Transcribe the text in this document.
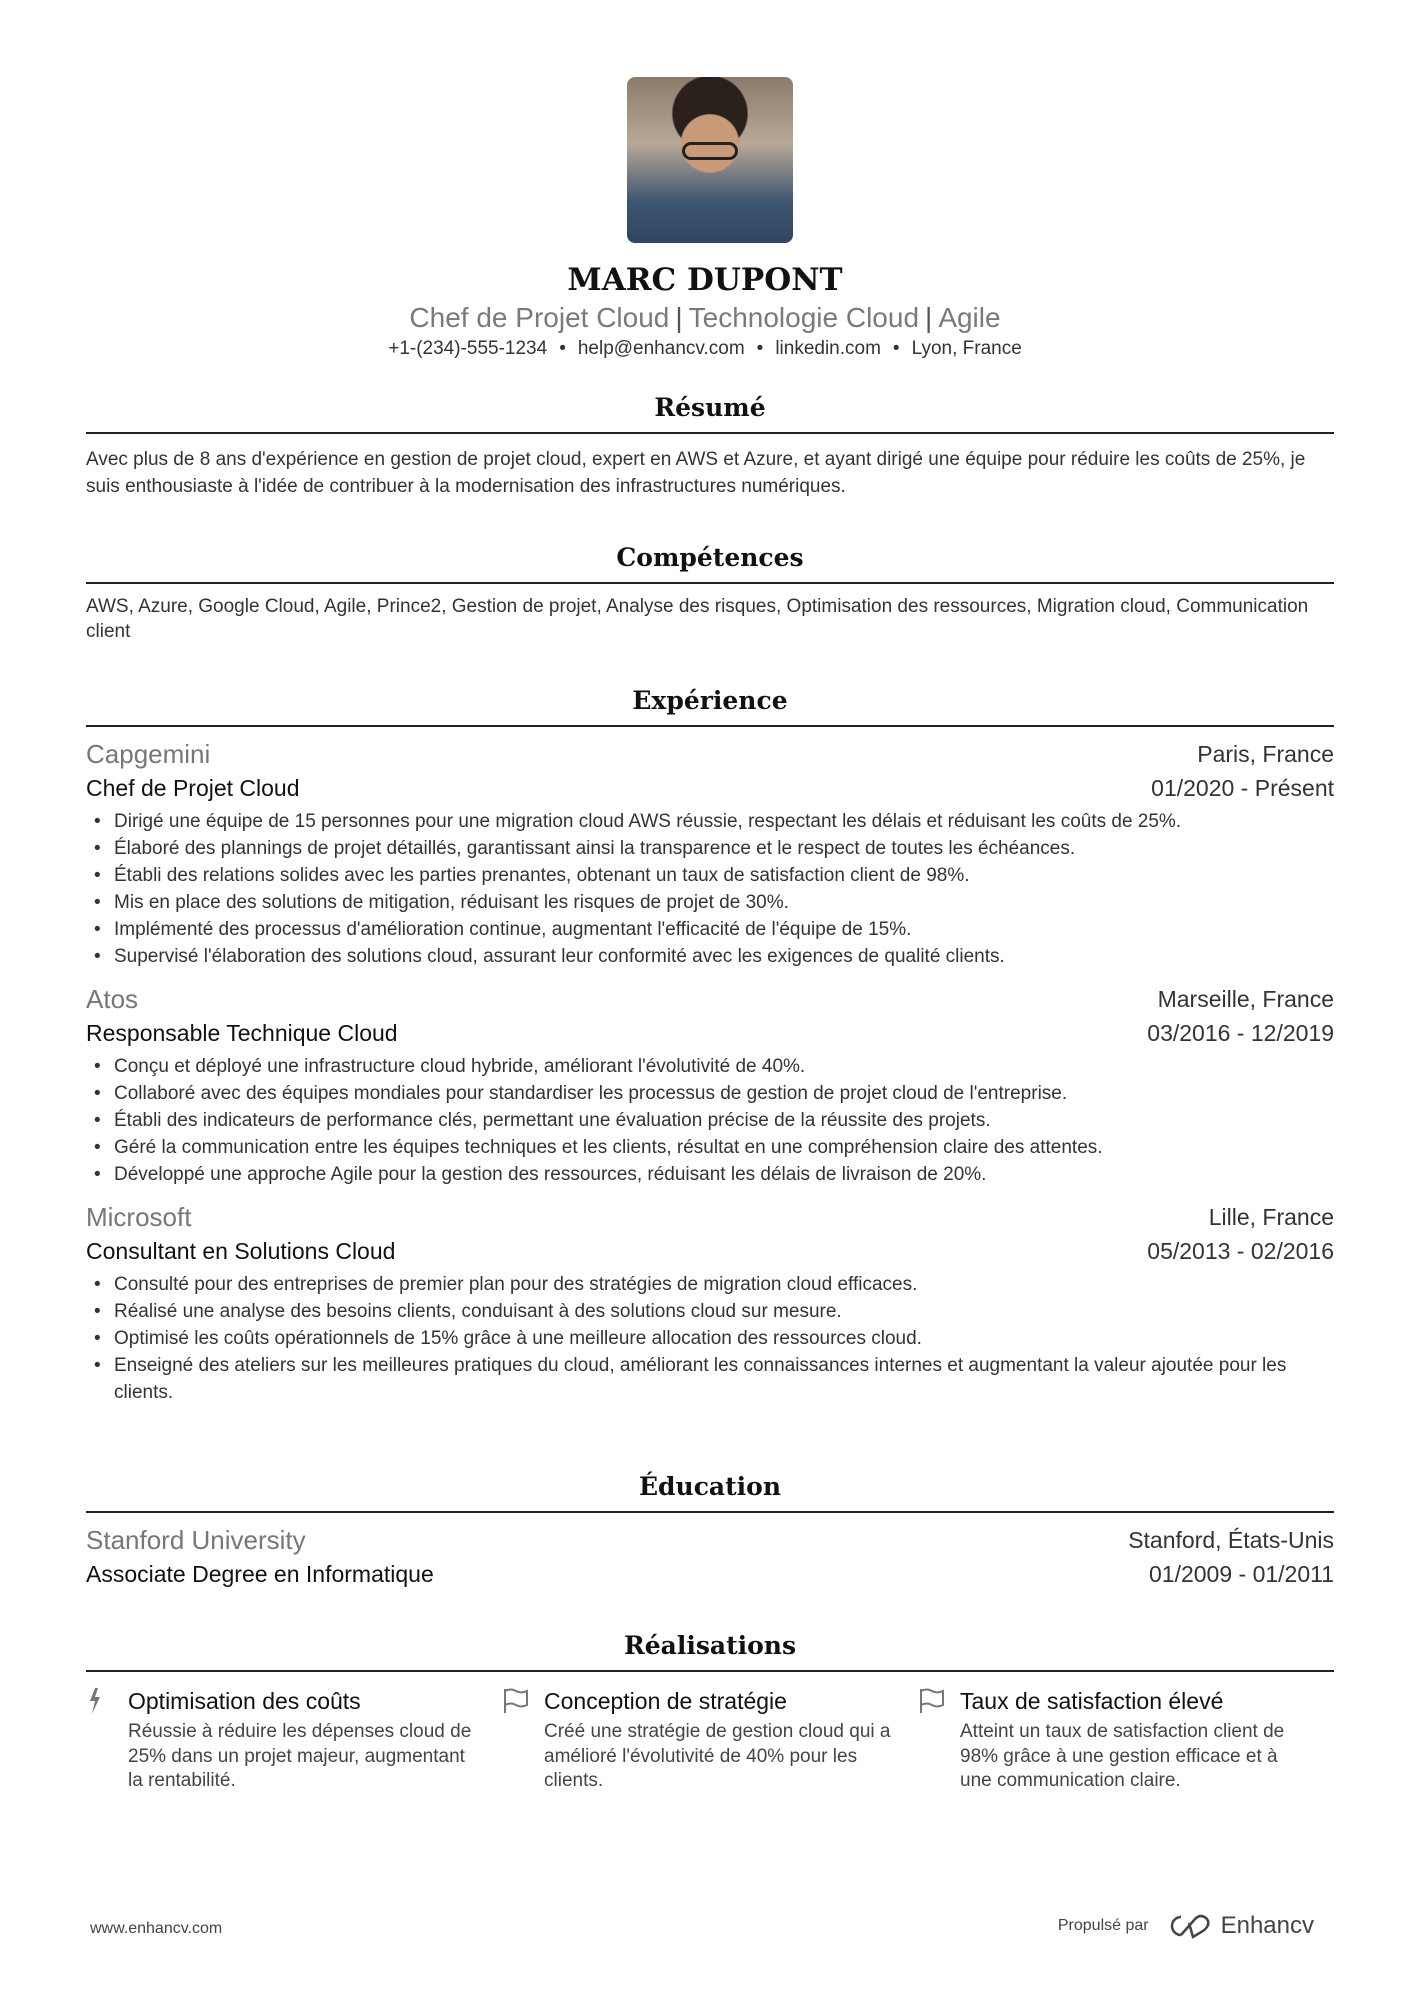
MARC DUPONT
Chef de Projet Cloud | Technologie Cloud | Agile
+1-(234)-555-1234 • help@enhancv.com • linkedin.com • Lyon, France
Résumé
Avec plus de 8 ans d'expérience en gestion de projet cloud, expert en AWS et Azure, et ayant dirigé une équipe pour réduire les coûts de 25%, je suis enthousiaste à l'idée de contribuer à la modernisation des infrastructures numériques.
Compétences
AWS, Azure, Google Cloud, Agile, Prince2, Gestion de projet, Analyse des risques, Optimisation des ressources, Migration cloud, Communication client
Expérience
Capgemini	Paris, France
Chef de Projet Cloud	01/2020 - Présent
• Dirigé une équipe de 15 personnes pour une migration cloud AWS réussie, respectant les délais et réduisant les coûts de 25%.
• Élaboré des plannings de projet détaillés, garantissant ainsi la transparence et le respect de toutes les échéances.
• Établi des relations solides avec les parties prenantes, obtenant un taux de satisfaction client de 98%.
• Mis en place des solutions de mitigation, réduisant les risques de projet de 30%.
• Implémenté des processus d'amélioration continue, augmentant l'efficacité de l'équipe de 15%.
• Supervisé l'élaboration des solutions cloud, assurant leur conformité avec les exigences de qualité clients.
Atos	Marseille, France
Responsable Technique Cloud	03/2016 - 12/2019
• Conçu et déployé une infrastructure cloud hybride, améliorant l'évolutivité de 40%.
• Collaboré avec des équipes mondiales pour standardiser les processus de gestion de projet cloud de l'entreprise.
• Établi des indicateurs de performance clés, permettant une évaluation précise de la réussite des projets.
• Géré la communication entre les équipes techniques et les clients, résultat en une compréhension claire des attentes.
• Développé une approche Agile pour la gestion des ressources, réduisant les délais de livraison de 20%.
Microsoft	Lille, France
Consultant en Solutions Cloud	05/2013 - 02/2016
• Consulté pour des entreprises de premier plan pour des stratégies de migration cloud efficaces.
• Réalisé une analyse des besoins clients, conduisant à des solutions cloud sur mesure.
• Optimisé les coûts opérationnels de 15% grâce à une meilleure allocation des ressources cloud.
• Enseigné des ateliers sur les meilleures pratiques du cloud, améliorant les connaissances internes et augmentant la valeur ajoutée pour les clients.
Éducation
Stanford University	Stanford, États-Unis
Associate Degree en Informatique	01/2009 - 01/2011
Réalisations
Optimisation des coûts
Réussie à réduire les dépenses cloud de 25% dans un projet majeur, augmentant la rentabilité.
Conception de stratégie
Créé une stratégie de gestion cloud qui a amélioré l'évolutivité de 40% pour les clients.
Taux de satisfaction élevé
Atteint un taux de satisfaction client de 98% grâce à une gestion efficace et à une communication claire.
www.enhancv.com	Propulsé par	Enhancv
